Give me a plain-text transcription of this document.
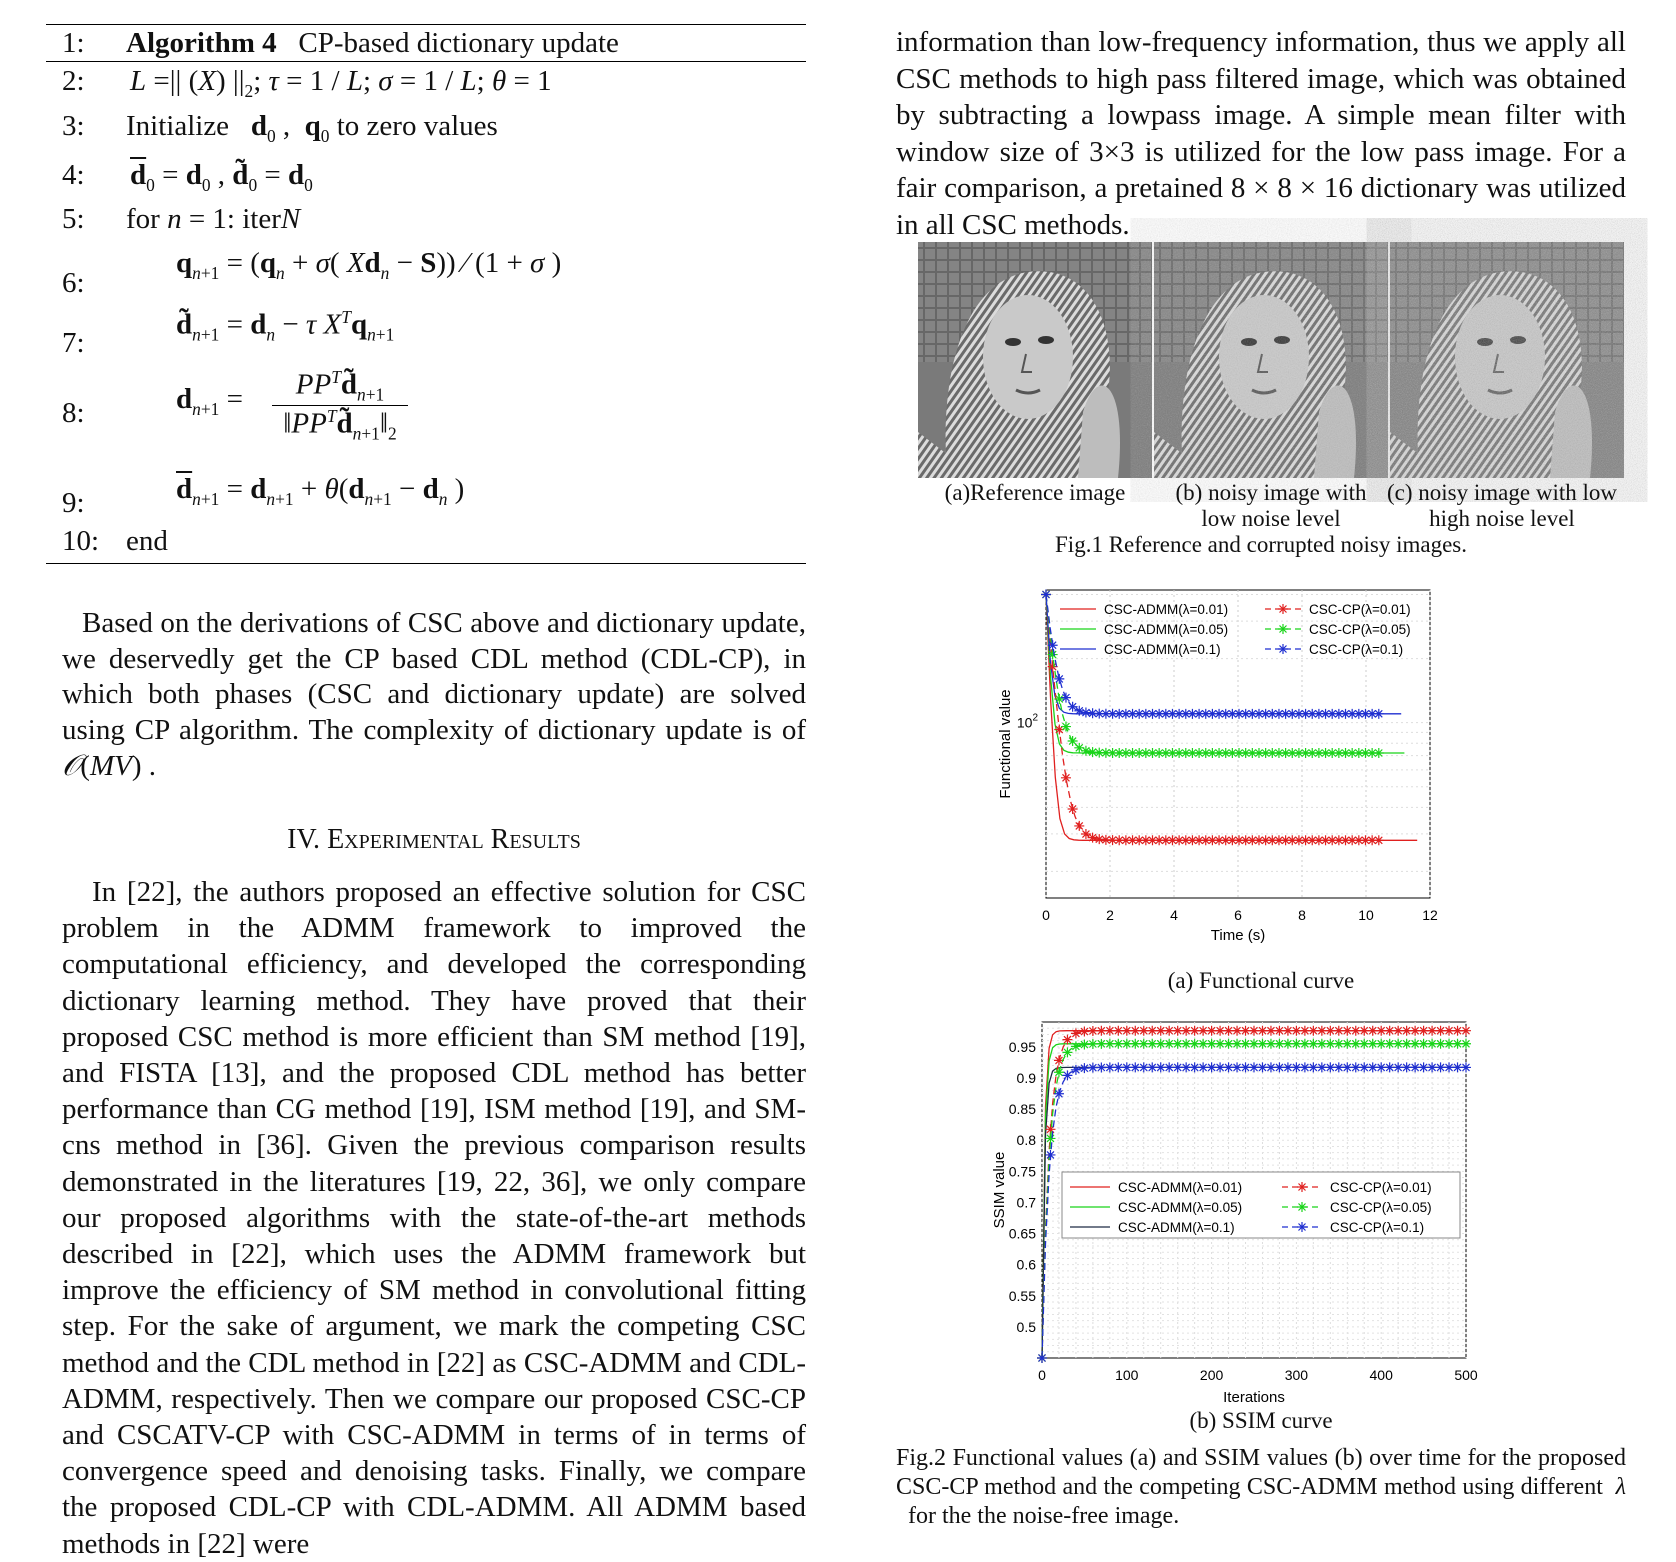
1: Algorithm 4 CP-based dictionary update
2: L =|| (X) $||_2$; τ = 1 / L; σ = 1 / L; θ = 1
3: Initialize $d_0$ ,  $q_0$ to zero values
4: $\overline{d}_0 = d_0$ , $d̃_0 = d_0$
5: for n = 1: iterN
6:
$q_{n+1} = (q_n + \sigma$( $Xd_n - S$)) ∕ (1 + σ )
7:
$d̃_{n+1} = d_n - \tau$ $X^Tq_{n+1}$
8:	$d_{n+1}$ =	$PP^Td̃_{n+1}$
$‖PP^Td̃_{n+1}‖_2$
9:	$\overline{d}_{n+1} = d_{n+1} + \theta(d_{n+1} - d_n$ )
10: end
Based on the derivations of CSC above and dictionary update, we deservedly get the CP based CDL method (CDL-CP), in which both phases (CSC and dictionary update) are solved using CP algorithm. The complexity of dictionary update is of 𝒪(MV) .
IV. Experimental Results
In [22], the authors proposed an effective solution for CSC problem in the ADMM framework to improved the computational efficiency, and developed the corresponding dictionary learning method. They have proved that their proposed CSC method is more efficient than SM method [19], and FISTA [13], and the proposed CDL method has better performance than CG method [19], ISM method [19], and SM-cns method in [36]. Given the previous comparison results demonstrated in the literatures [19, 22, 36], we only compare our proposed algorithms with the state-of-the-art methods described in [22], which uses the ADMM framework but improve the efficiency of SM method in convolutional fitting step. For the sake of argument, we mark the competing CSC method and the CDL method in [22] as CSC-ADMM and CDL-ADMM, respectively. Then we compare our proposed CSC-CP and CSCATV-CP with CSC-ADMM in terms of in terms of convergence speed and denoising tasks. Finally, we compare the proposed CDL-CP with CDL-ADMM. All ADMM based methods in [22] were
information than low-frequency information, thus we apply all CSC methods to high pass filtered image, which was obtained by subtracting a lowpass image. A simple mean filter with window size of 3×3 is utilized for the low pass image. For a fair comparison, a pretained 8 × 8 × 16 dictionary was utilized in all CSC methods.
(a)Reference image	(b) noisy image with
low noise level
(c) noisy image with low
high noise level
Fig.1 Reference and corrupted noisy images.
0	2	4	6	8	10	12
$10^2$
Time (s)
Functional value
CSC-ADMM(λ=0.01)
CSC-ADMM(λ=0.05)
CSC-ADMM(λ=0.1)
CSC-CP(λ=0.01)
CSC-CP(λ=0.05)
CSC-CP(λ=0.1)
(a) Functional curve
0	100	200	300	400	500
0.5
0.55
0.6
0.65
0.7
0.75
0.8
0.85
0.9
0.95
Iterations
SSIM value	CSC-ADMM(λ=0.01)
CSC-ADMM(λ=0.05)
CSC-ADMM(λ=0.1)
CSC-CP(λ=0.01)
CSC-CP(λ=0.05)
CSC-CP(λ=0.1)
(b) SSIM curve
Fig.2 Functional values (a) and SSIM values (b) over time for the proposed CSC-CP method and the competing CSC-ADMM method using different λ   for the the noise-free image.
